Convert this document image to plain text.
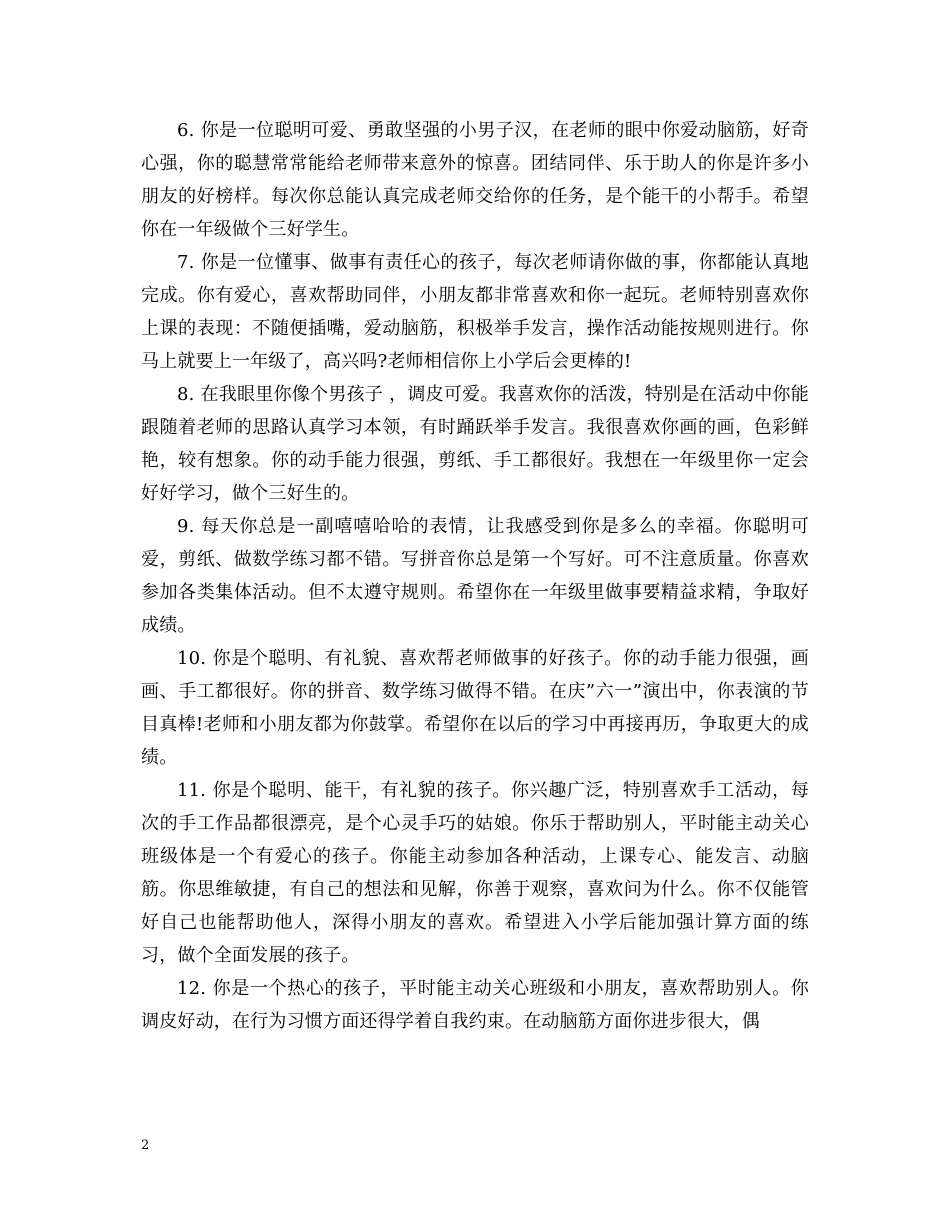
6. 你是一位聪明可爱、勇敢坚强的小男子汉，在老师的眼中你爱动脑筋，好奇心强，你的聪慧常常能给老师带来意外的惊喜。团结同伴、乐于助人的你是许多小朋友的好榜样。每次你总能认真完成老师交给你的任务，是个能干的小帮手。希望你在一年级做个三好学生。

7. 你是一位懂事、做事有责任心的孩子，每次老师请你做的事，你都能认真地完成。你有爱心，喜欢帮助同伴，小朋友都非常喜欢和你一起玩。老师特别喜欢你上课的表现：不随便插嘴，爱动脑筋，积极举手发言，操作活动能按规则进行。你马上就要上一年级了，高兴吗?老师相信你上小学后会更棒的!

8. 在我眼里你像个男孩子 ，调皮可爱。我喜欢你的活泼，特别是在活动中你能跟随着老师的思路认真学习本领，有时踊跃举手发言。我很喜欢你画的画，色彩鲜艳，较有想象。你的动手能力很强，剪纸、手工都很好。我想在一年级里你一定会好好学习，做个三好生的。

9. 每天你总是一副嘻嘻哈哈的表情，让我感受到你是多么的幸福。你聪明可爱，剪纸、做数学练习都不错。写拼音你总是第一个写好。可不注意质量。你喜欢参加各类集体活动。但不太遵守规则。希望你在一年级里做事要精益求精，争取好成绩。

10. 你是个聪明、有礼貌、喜欢帮老师做事的好孩子。你的动手能力很强，画画、手工都很好。你的拼音、数学练习做得不错。在庆”六一”演出中，你表演的节目真棒!老师和小朋友都为你鼓掌。希望你在以后的学习中再接再历，争取更大的成绩。

11. 你是个聪明、能干，有礼貌的孩子。你兴趣广泛，特别喜欢手工活动，每次的手工作品都很漂亮，是个心灵手巧的姑娘。你乐于帮助别人，平时能主动关心班级体是一个有爱心的孩子。你能主动参加各种活动，上课专心、能发言、动脑筋。你思维敏捷，有自己的想法和见解，你善于观察，喜欢问为什么。你不仅能管好自己也能帮助他人，深得小朋友的喜欢。希望进入小学后能加强计算方面的练习，做个全面发展的孩子。

12. 你是一个热心的孩子，平时能主动关心班级和小朋友，喜欢帮助别人。你调皮好动，在行为习惯方面还得学着自我约束。在动脑筋方面你进步很大，偶

2
